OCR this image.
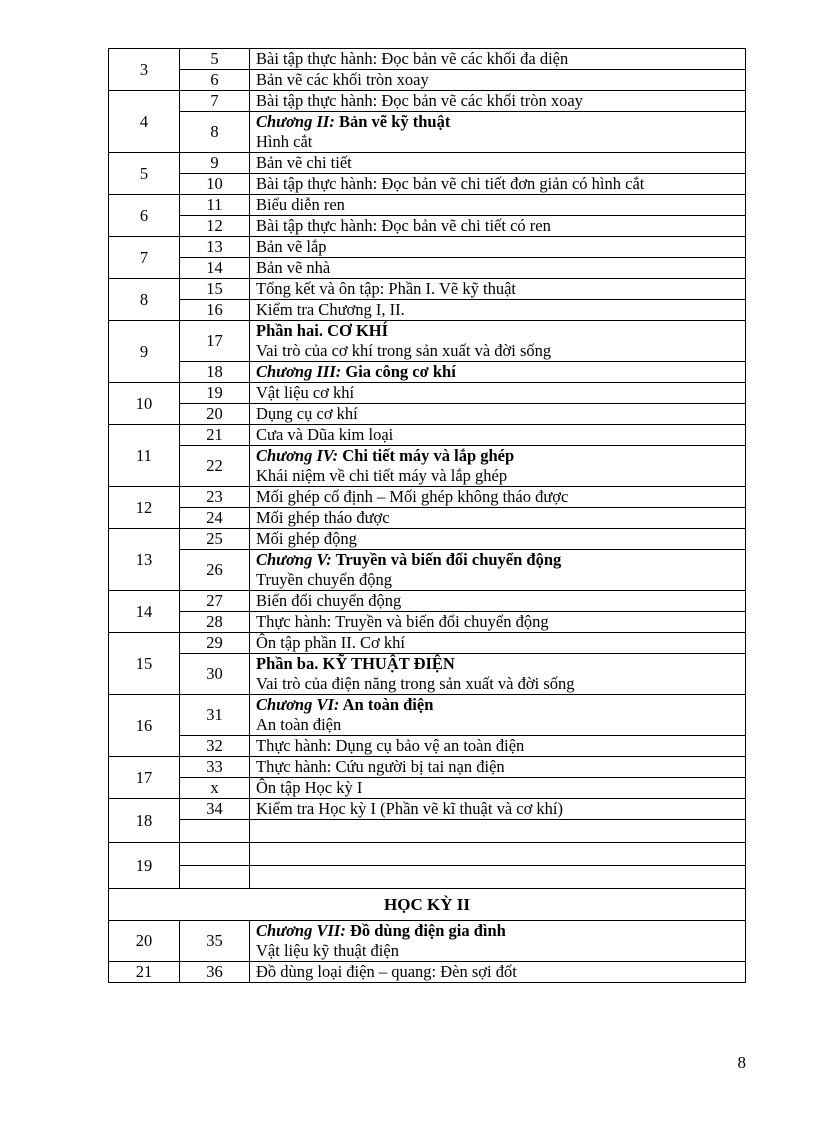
3	5	Bài tập thực hành: Đọc bản vẽ các khối đa diện

	6	Bản vẽ các khối tròn xoay

4	7	Bài tập thực hành: Đọc bản vẽ các khối tròn xoay

	8	Chương II: Bản vẽ kỹ thuật
Hình cắt

5	9	Bản vẽ chi tiết

	10	Bài tập thực hành: Đọc bản vẽ chi tiết đơn giản có hình cắt

6	11	Biểu diễn ren

	12	Bài tập thực hành: Đọc bản vẽ chi tiết có ren

7	13	Bản vẽ lắp

	14	Bản vẽ nhà

8	15	Tổng kết và ôn tập: Phần I. Vẽ kỹ thuật

	16	Kiểm tra Chương I, II.

9	17	Phần hai. CƠ KHÍ
Vai trò của cơ khí trong sản xuất và đời sống

	18	Chương III: Gia công cơ khí

10	19	Vật liệu cơ khí

	20	Dụng cụ cơ khí

11	21	Cưa và Dũa kim loại

	22	Chương IV: Chi tiết máy và lắp ghép
Khái niệm về chi tiết máy và lắp ghép

12	23	Mối ghép cố định – Mối ghép không tháo được

	24	Mối ghép tháo được

13	25	Mối ghép động

	26	Chương V: Truyền và biến đổi chuyển động
Truyền chuyển động

14	27	Biến đổi chuyển động

	28	Thực hành: Truyền và biến đổi chuyển động

15	29	Ôn tập phần II. Cơ khí

	30	Phần ba. KỸ THUẬT ĐIỆN
Vai trò của điện năng trong sản xuất và đời sống

16	31	Chương VI: An toàn điện
An toàn điện

	32	Thực hành: Dụng cụ bảo vệ an toàn điện

17	33	Thực hành: Cứu người bị tai nạn điện

	x	Ôn tập Học kỳ I

18	34	Kiểm tra Học kỳ I (Phần vẽ kĩ thuật và cơ khí)

19		

HỌC KỲ II		
20	35	Chương VII: Đồ dùng điện gia đình
Vật liệu kỹ thuật điện

21	36	Đồ dùng loại điện – quang: Đèn sợi đốt
8
